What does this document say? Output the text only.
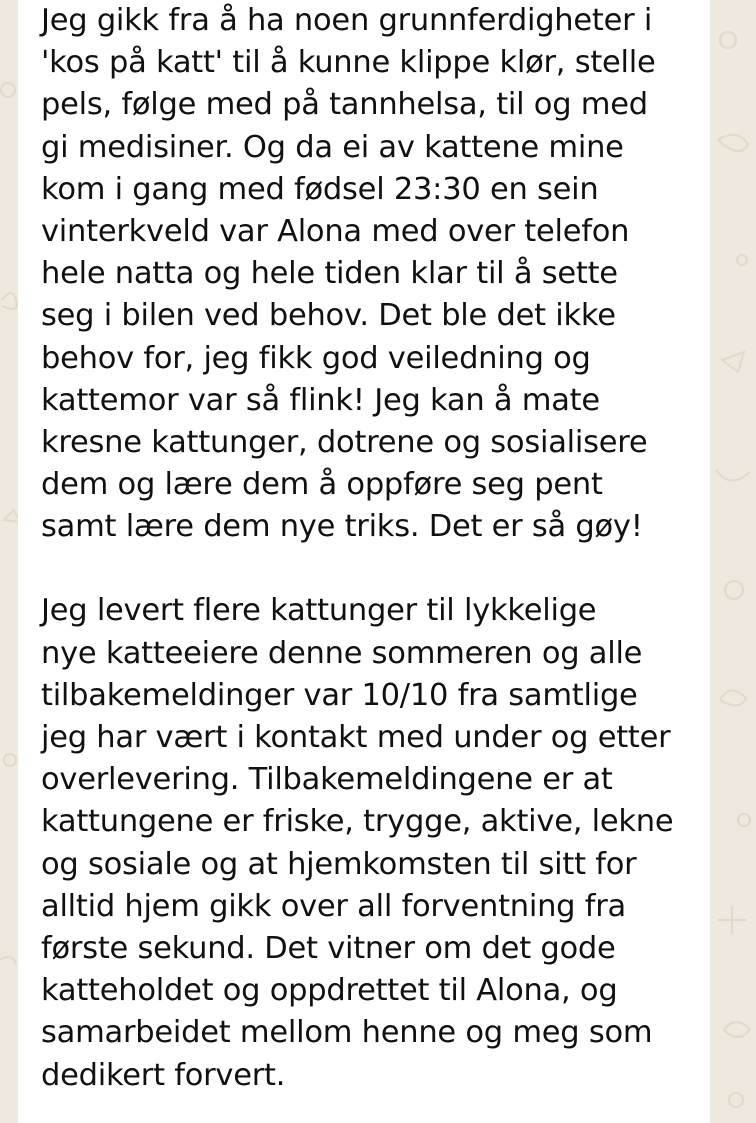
Jeg gikk fra å ha noen grunnferdigheter i
'kos på katt' til å kunne klippe klør, stelle
pels, følge med på tannhelsa, til og med
gi medisiner. Og da ei av kattene mine
kom i gang med fødsel 23:30 en sein
vinterkveld var Alona med over telefon
hele natta og hele tiden klar til å sette
seg i bilen ved behov. Det ble det ikke
behov for, jeg fikk god veiledning og
kattemor var så flink! Jeg kan å mate
kresne kattunger, dotrene og sosialisere
dem og lære dem å oppføre seg pent
samt lære dem nye triks. Det er så gøy!
Jeg levert flere kattunger til lykkelige
nye katteeiere denne sommeren og alle
tilbakemeldinger var 10/10 fra samtlige
jeg har vært i kontakt med under og etter
overlevering. Tilbakemeldingene er at
kattungene er friske, trygge, aktive, lekne
og sosiale og at hjemkomsten til sitt for
alltid hjem gikk over all forventning fra
første sekund. Det vitner om det gode
katteholdet og oppdrettet til Alona, og
samarbeidet mellom henne og meg som
dedikert forvert.
